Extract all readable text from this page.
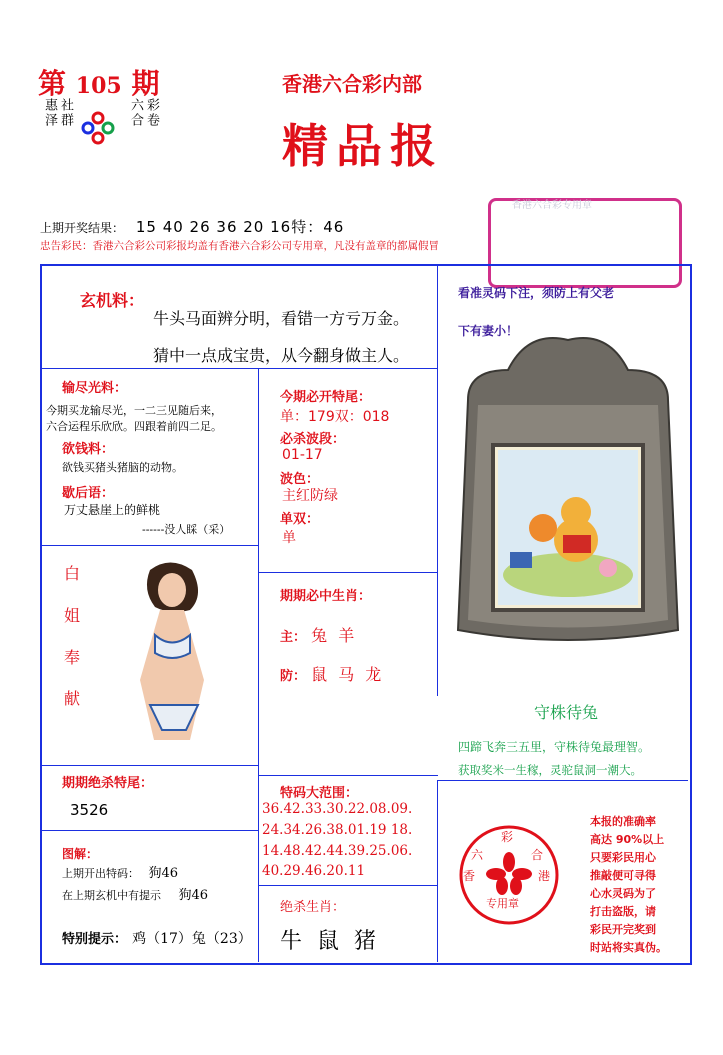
第 105 期
惠泽 社群	六合 彩卷
香港六合彩内部
精品报
香港六合彩专用章
上期开奖结果： 15 40 26 36 20 16特：46
忠告彩民：香港六合彩公司彩报均盖有香港六合彩公司专用章，凡没有盖章的都属假冒
玄机料：
牛头马面辨分明，看错一方亏万金。
猜中一点成宝贵，从今翻身做主人。
看准灵码下注，须防上有父老
下有妻小！
守株待兔
四蹄飞奔三五里，守株待兔最理智。
获取奖米一生稼，灵驼鼠洞一潮大。
输尽光料：
今期买龙输尽光，一二三见随后来，
六合运程乐欣欣。四跟着前四二足。
欲钱料：
欲钱买猪头猪脑的动物。
歇后语：
万丈悬崖上的鲜桃
------没人睬（采）
今期必开特尾：
单：179双：018
必杀波段：
01-17
波色：
主红防绿
单双：
单
白
姐
奉
献
期期必中生肖：
主： 兔 羊
防： 鼠 马 龙
期期绝杀特尾：
3526
特码大范围：
36.42.33.30.22.08.09.
24.34.26.38.01.19 18.
14.48.42.44.39.25.06.
40.29.46.20.11
彩
六	合
香	港
专用章
本报的准确率
高达 90%以上
只要彩民用心
推敲便可寻得
心水灵码为了
打击盗版，请
彩民开完奖到
时站将实真伪。
图解：
上期开出特码： 狗46
在上期玄机中有提示 狗46
特别提示： 鸡（17）兔（23）
绝杀生肖：
牛 鼠 猪
